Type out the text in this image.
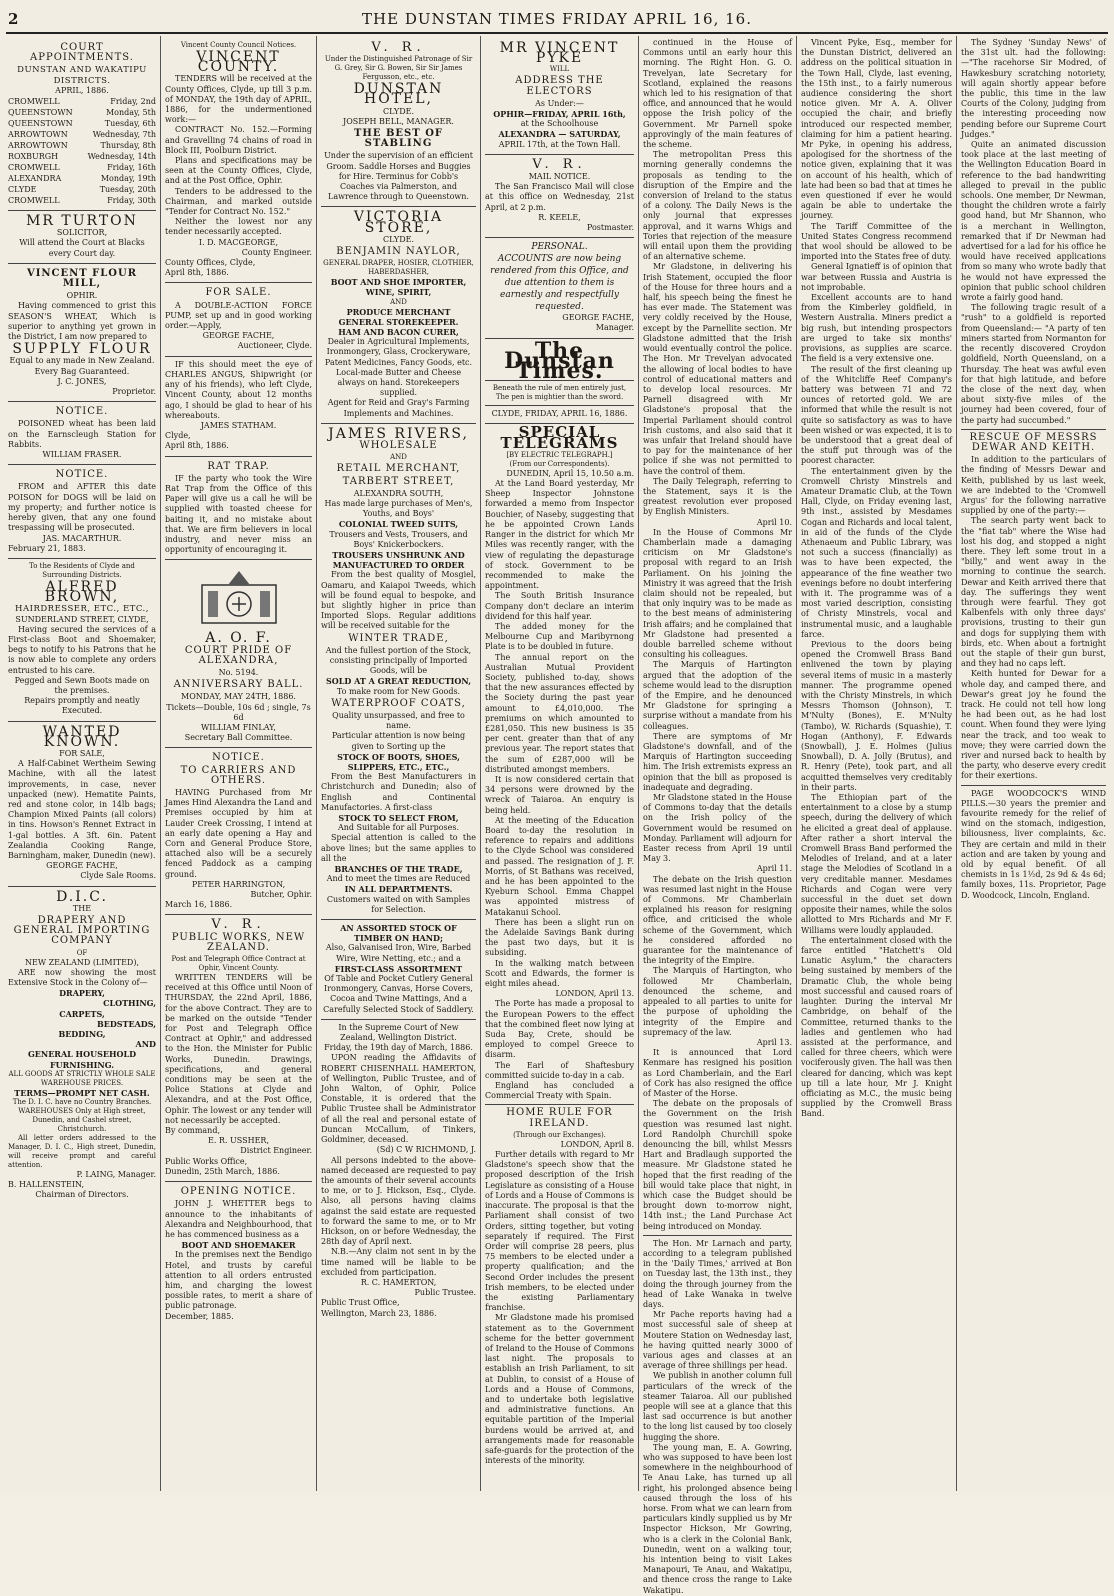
2	THE DUNSTAN TIMES FRIDAY APRIL 16, 16.
COURT APPOINTMENTS.
DUNSTAN AND WAKATIPU DISTRICTS.
APRIL, 1886.
CROMWELL	Friday, 2nd
QUEENSTOWN	Monday, 5th
QUEENSTOWN	Tuesday, 6th
ARROWTOWN	Wednesday, 7th
ARROWTOWN	Thursday, 8th
ROXBURGH	Wednesday, 14th
CROMWELL	Friday, 16th
ALEXANDRA	Monday, 19th
CLYDE	Tuesday, 20th
CROMWELL	Friday, 30th
MR TURTON
SOLICITOR,
Will attend the Court at Blacks every Court day.
VINCENT FLOUR MILL,
OPHIR.
Having commenced to grist this SEASON'S WHEAT, Which is superior to anything yet grown in the District, I am now prepared to
SUPPLY FLOUR
Equal to any made in New Zealand. Every Bag Guaranteed.
J. C. JONES,
Proprietor.
NOTICE.
POISONED wheat has been laid on the Earnscleugh Station for Rabbits.
WILLIAM FRASER.
NOTICE.
FROM and AFTER this date POISON for DOGS will be laid on my property; and further notice is hereby given, that any one found trespassing will be prosecuted.
JAS. MACARTHUR.
February 21, 1883.
To the Residents of Clyde and Surrounding Districts.
ALFRED BROWN,
HAIRDRESSER, ETC., ETC.,
SUNDERLAND STREET, CLYDE,
Having secured the services of a First-class Boot and Shoemaker, begs to notify to his Patrons that he is now able to complete any orders entrusted to his care.
Pegged and Sewn Boots made on the premises.
Repairs promptly and neatly Executed.
WANTED KNOWN.
FOR SALE,
A Half-Cabinet Wertheim Sewing Machine, with all the latest improvements, in case, never unpacked (new). Hematite Paints, red and stone color, in 14lb bags; Champion Mixed Paints (all colors) in tins. Howson's Rennet Extract in 1-gal bottles. A 3ft. 6in. Patent Zealandia Cooking Range, Barningham, maker, Dunedin (new).
GEORGE FACHE,
Clyde Sale Rooms.
D.I.C.
THE
DRAPERY AND GENERAL IMPORTING COMPANY
OF
NEW ZEALAND (LIMITED),
ARE now showing the most Extensive Stock in the Colony of—
DRAPERY,
CLOTHING,
CARPETS,
BEDSTEADS,
BEDDING,
AND
GENERAL HOUSEHOLD FURNISHING.
ALL GOODS AT STRICTLY WHOLE SALE WAREHOUSE PRICES.
TERMS—PROMPT NET CASH.
The D. I. C. have no Country Branches. WAREHOUSES Only at High street, Dunedin, and Cashel street, Christchurch.
All letter orders addressed to the Manager, D. I. C., High street, Dunedin, will receive prompt and careful attention.
P. LAING, Manager.
B. HALLENSTEIN,
Chairman of Directors.
Vincent County Council Notices.
VINCENT COUNTY.
TENDERS will be received at the County Offices, Clyde, up till 3 p.m. of MONDAY, the 19th day of APRIL, 1886, for the undermentioned work:—
CONTRACT No. 152.—Forming and Gravelling 74 chains of road in Block III, Poolburn District.
Plans and specifications may be seen at the County Offices, Clyde, and at the Post Office, Ophir.
Tenders to be addressed to the Chairman, and marked outside "Tender for Contract No. 152."
Neither the lowest nor any tender necessarily accepted.
I. D. MACGEORGE,
County Engineer.
County Offices, Clyde,
April 8th, 1886.
FOR SALE.
A DOUBLE-ACTION FORCE PUMP, set up and in good working order.—Apply,
GEORGE FACHE,
Auctioneer, Clyde.
IF this should meet the eye of CHARLES ANGUS, Shipwright (or any of his friends), who left Clyde, Vincent County, about 12 months ago, I should be glad to hear of his whereabouts.
JAMES STATHAM.
Clyde,
April 8th, 1886.
RAT TRAP.
IF the party who took the Wire Rat Trap from the Office of this Paper will give us a call he will be supplied with toasted cheese for baiting it, and no mistake about that. We are firm believers in local industry, and never miss an opportunity of encouraging it.
A. O. F.
COURT PRIDE OF ALEXANDRA,
No. 5194.
ANNIVERSARY BALL.
MONDAY, MAY 24TH, 1886.
Tickets—Double, 10s 6d ; single, 7s 6d
WILLIAM FINLAY,
Secretary Ball Committee.
NOTICE.
TO CARRIERS AND OTHERS.
HAVING Purchased from Mr James Hind Alexandra the Land and Premises occupied by him at Lauder Creek Crossing, I intend at an early date opening a Hay and Corn and General Produce Store, attached also will be a securely fenced Paddock as a camping ground.
PETER HARRINGTON,
Butcher, Ophir.
March 16, 1886.
V. R.
PUBLIC WORKS, NEW ZEALAND.
Post and Telegraph Office Contract at Ophir, Vincent County.
WRITTEN TENDERS will be received at this Office until Noon of THURSDAY, the 22nd April, 1886, for the above Contract. They are to be marked on the outside "Tender for Post and Telegraph Office Contract at Ophir," and addressed to the Hon. the Minister for Public Works, Dunedin. Drawings, specifications, and general conditions may be seen at the Police Stations at Clyde and Alexandra, and at the Post Office, Ophir. The lowest or any tender will not necessarily be accepted.
By command,
E. R. USSHER,
District Engineer.
Public Works Office,
Dunedin, 25th March, 1886.
OPENING NOTICE.
JOHN J. WHETTER begs to announce to the inhabitants of Alexandra and Neighbourhood, that he has commenced business as a
BOOT AND SHOEMAKER
In the premises next the Bendigo Hotel, and trusts by careful attention to all orders entrusted him, and charging the lowest possible rates, to merit a share of public patronage.
December, 1885.
V. R.
Under the Distinguished Patronage of Sir G. Grey, Sir G. Bowen, Sir Sir James Fergusson, etc., etc.
DUNSTAN HOTEL,
CLYDE.
JOSEPH BELL, MANAGER.
THE BEST OF STABLING
Under the supervision of an efficient Groom. Saddle Horses and Buggies for Hire. Terminus for Cobb's Coaches via Palmerston, and Lawrence through to Queenstown.
VICTORIA STORE,
CLYDE.
BENJAMIN NAYLOR,
GENERAL DRAPER, HOSIER, CLOTHIER, HABERDASHER,
BOOT AND SHOE IMPORTER,
WINE, SPIRIT,
AND
PRODUCE MERCHANT
GENERAL STOREKEEPER.
HAM AND BACON CURER,
Dealer in Agricultural Implements, Ironmongery, Glass, Crockeryware, Patent Medicines, Fancy Goods, etc.
Local-made Butter and Cheese always on hand. Storekeepers supplied.
Agent for Reid and Gray's Farming Implements and Machines.
JAMES RIVERS,
WHOLESALE
AND
RETAIL MERCHANT,
TARBERT STREET,
ALEXANDRA SOUTH,
Has made large purchases of Men's, Youths, and Boys'
COLONIAL TWEED SUITS,
Trousers and Vests, Trousers, and Boys' Knickerbockers.
TROUSERS UNSHRUNK AND MANUFACTURED TO ORDER
From the best quality of Mosgiel, Oamaru, and Kaiapoi Tweeds, which will be found equal to bespoke, and but slightly higher in price than Imported Slops. Regular additions will be received suitable for the
WINTER TRADE,
And the fullest portion of the Stock, consisting principally of Imported Goods, will be
SOLD AT A GREAT REDUCTION,
To make room for New Goods.
WATERPROOF COATS,
Quality unsurpassed, and free to name.
Particular attention is now being given to Sorting up the
STOCK OF BOOTS, SHOES, SLIPPERS, ETC., ETC.,
From the Best Manufacturers in Christchurch and Dunedin; also of English and Continental Manufactories. A first-class
STOCK TO SELECT FROM,
And Suitable for all Purposes.
Special attention is called to the above lines; but the same applies to all the
BRANCHES OF THE TRADE,
And to meet the times are Reduced
IN ALL DEPARTMENTS.
Customers waited on with Samples for Selection.
AN ASSORTED STOCK OF TIMBER ON HAND;
Also, Galvanised Iron, Wire, Barbed Wire, Wire Netting, etc.; and a
FIRST-CLASS ASSORTMENT
Of Table and Pocket Cutlery General Ironmongery, Canvas, Horse Covers, Cocoa and Twine Mattings, And a Carefully Selected Stock of Saddlery.
In the Supreme Court of New Zealand, Wellington District.
Friday, the 19th day of March, 1886.
UPON reading the Affidavits of ROBERT CHISENHALL HAMERTON, of Wellington, Public Trustee, and of John Walton, of Ophir, Police Constable, it is ordered that the Public Trustee shall be Administrator of all the real and personal estate of Duncan McCallum, of Tinkers, Goldminer, deceased.
(Sd) C W RICHMOND, J.
All persons indebted to the above-named deceased are requested to pay the amounts of their several accounts to me, or to J. Hickson, Esq., Clyde. Also, all persons having claims against the said estate are requested to forward the same to me, or to Mr Hickson, on or before Wednesday, the 28th day of April next.
N.B.—Any claim not sent in by the time named will be liable to be excluded from participation.
R. C. HAMERTON,
Public Trustee.
Public Trust Office,
Wellington, March 23, 1886.
MR VINCENT PYKE
WILL
ADDRESS THE ELECTORS
As Under:—
OPHIR—FRIDAY, APRIL 16th,
at the Schoolhouse
ALEXANDRA — SATURDAY,
APRIL 17th, at the Town Hall.
V. R.
MAIL NOTICE.
The San Francisco Mail will close at this office on Wednesday, 21st April, at 2 p.m.
R. KEELE,
Postmaster.
PERSONAL.
ACCOUNTS are now being rendered from this Office, and due attention to them is earnestly and respectfully requested.
GEORGE FACHE,
Manager.
The Dunstan Times.
Beneath the rule of men entirely just,
The pen is mightier than the sword.
CLYDE, FRIDAY, APRIL 16, 1886.
SPECIAL TELEGRAMS
[BY ELECTRIC TELEGRAPH.]
(From our Correspondents).
DUNEDIN, April 15, 10.50 a.m.
At the Land Board yesterday, Mr Sheep Inspector Johnstone forwarded a memo from Inspector Bouchier, of Naseby, suggesting that he be appointed Crown Lands Ranger in the district for which Mr Miles was recently ranger, with the view of regulating the depasturage of stock. Government to be recommended to make the appointment.
The South British Insurance Company don't declare an interim dividend for this half year.
The added money for the Melbourne Cup and Maribyrnong Plate is to be doubled in future.
The annual report on the Australian Mutual Provident Society, published to-day, shows that the new assurances effected by the Society during the past year amount to £4,010,000. The premiums on which amounted to £281,050. This new business is 35 per cent. greater than that of any previous year. The report states that the sum of £287,000 will be distributed amongst members.
It is now considered certain that 34 persons were drowned by the wreck of Taiaroa. An enquiry is being held.
At the meeting of the Education Board to-day the resolution in reference to repairs and additions to the Clyde School was considered and passed. The resignation of J. F. Morris, of St Bathans was received, and he has been appointed to the Kyeburn School. Emma Chappel was appointed mistress of Matakanui School.
There has been a slight run on the Adelaide Savings Bank during the past two days, but it is subsiding.
In the walking match between Scott and Edwards, the former is eight miles ahead.
LONDON, April 13.
The Porte has made a proposal to the European Powers to the effect that the combined fleet now lying at Suda Bay, Crete, should be employed to compel Greece to disarm.
The Earl of Shaftesbury committed suicide to-day in a cab.
England has concluded a Commercial Treaty with Spain.
HOME RULE FOR IRELAND.
(Through our Exchanges).
LONDON, April 8.
Further details with regard to Mr Gladstone's speech show that the proposed description of the Irish Legislature as consisting of a House of Lords and a House of Commons is inaccurate. The proposal is that the Parliament shall consist of two Orders, sitting together, but voting separately if required. The First Order will comprise 28 peers, plus 75 members to be elected under a property qualification; and the Second Order includes the present Irish members, to be elected under the existing Parliamentary franchise.
Mr Gladstone made his promised statement as to the Government scheme for the better government of Ireland to the House of Commons last night. The proposals to establish an Irish Parliament, to sit at Dublin, to consist of a House of Lords and a House of Commons, and to undertake both legislative and administrative functions. An equitable partition of the Imperial burdens would be arrived at, and arrangements made for reasonable safe-guards for the protection of the interests of the minority.
continued in the House of Commons until an early hour this morning. The Right Hon. G. O. Trevelyan, late Secretary for Scotland, explained the reasons which led to his resignation of that office, and announced that he would oppose the Irish policy of the Government. Mr Parnell spoke approvingly of the main features of the scheme.
The metropolitan Press this morning generally condemns the proposals as tending to the disruption of the Empire and the conversion of Ireland to the status of a colony. The Daily News is the only journal that expresses approval, and it warns Whigs and Tories that rejection of the measure will entail upon them the providing of an alternative scheme.
Mr Gladstone, in delivering his Irish Statement, occupied the floor of the House for three hours and a half, his speech being the finest he has ever made. The Statement was very coldly received by the House, except by the Parnellite section. Mr Gladstone admitted that the Irish would eventually control the police. The Hon. Mr Trevelyan advocated the allowing of local bodies to have control of educational matters and to develop local resources. Mr Parnell disagreed with Mr Gladstone's proposal that the Imperial Parliament should control Irish customs, and also said that it was unfair that Ireland should have to pay for the maintenance of her police if she was not permitted to have the control of them.
The Daily Telegraph, referring to the Statement, says it is the greatest revolution ever proposed by English Ministers.
April 10.
In the House of Commons Mr Chamberlain made a damaging criticism on Mr Gladstone's proposal with regard to an Irish Parliament. On his joining the Ministry it was agreed that the Irish claim should not be repealed, but that only inquiry was to be made as to the best means of administering Irish affairs; and he complained that Mr Gladstone had presented a double barrelled scheme without consulting his colleagues.
The Marquis of Hartington argued that the adoption of the scheme would lead to the disruption of the Empire, and he denounced Mr Gladstone for springing a surprise without a mandate from his colleagues.
There are symptoms of Mr Gladstone's downfall, and of the Marquis of Hartington succeeding him. The Irish extremists express an opinion that the bill as proposed is inadequate and degrading.
Mr Gladstone stated in the House of Commons to-day that the details on the Irish policy of the Government would be resumed on Monday. Parliament will adjourn for Easter recess from April 19 until May 3.
April 11.
The debate on the Irish question was resumed last night in the House of Commons. Mr Chamberlain explained his reason for resigning office, and criticised the whole scheme of the Government, which he considered afforded no guarantee for the maintenance of the integrity of the Empire.
The Marquis of Hartington, who followed Mr Chamberlain, denounced the scheme, and appealed to all parties to unite for the purpose of upholding the integrity of the Empire and supremacy of the law.
April 13.
It is announced that Lord Kenmare has resigned his position as Lord Chamberlain, and the Earl of Cork has also resigned the office of Master of the Horse.
The debate on the proposals of the Government on the Irish question was resumed last night. Lord Randolph Churchill spoke denouncing the bill, whilst Messrs Hart and Bradlaugh supported the measure. Mr Gladstone stated he hoped that the first reading of the bill would take place that night, in which case the Budget should be brought down to-morrow night, 14th inst.; the Land Purchase Act being introduced on Monday.
The Hon. Mr Larnach and party, according to a telegram published in the 'Daily Times,' arrived at Bon on Tuesday last, the 13th inst., they doing the through journey from the head of Lake Wanaka in twelve days.
Mr Pache reports having had a most successful sale of sheep at Moutere Station on Wednesday last, he having quitted nearly 3000 of various ages and classes at an average of three shillings per head.
We publish in another column full particulars of the wreck of the steamer Taiaroa. All our published people will see at a glance that this last sad occurrence is but another to the long list caused by too closely hugging the shore.
The young man, E. A. Gowring, who was supposed to have been lost somewhere in the neighbourhood of Te Anau Lake, has turned up all right, his prolonged absence being caused through the loss of his horse. From what we can learn from particulars kindly supplied us by Mr Inspector Hickson, Mr Gowring, who is a clerk in the Colonial Bank, Dunedin, went on a walking tour, his intention being to visit Lakes Manapouri, Te Anau, and Wakatipu, and thence cross the range to Lake Wakatipu.
Vincent Pyke, Esq., member for the Dunstan District, delivered an address on the political situation in the Town Hall, Clyde, last evening, the 15th inst., to a fairly numerous audience considering the short notice given. Mr A. A. Oliver occupied the chair, and briefly introduced our respected member, claiming for him a patient hearing. Mr Pyke, in opening his address, apologised for the shortness of the notice given, explaining that it was on account of his health, which of late had been so bad that at times he even questioned if ever he would again be able to undertake the journey.
The Tariff Committee of the United States Congress recommend that wool should be allowed to be imported into the States free of duty.
General Ignatieff is of opinion that war between Russia and Austria is not improbable.
Excellent accounts are to hand from the Kimberley goldfield, in Western Australia. Miners predict a big rush, but intending prospectors are urged to take six months' provisions, as supplies are scarce. The field is a very extensive one.
The result of the first cleaning up of the Whitcliffe Reef Company's battery was between 71 and 72 ounces of retorted gold. We are informed that while the result is not quite so satisfactory as was to have been wished or was expected, it is to be understood that a great deal of the stuff put through was of the poorest character.
The entertainment given by the Cromwell Christy Minstrels and Amateur Dramatic Club, at the Town Hall, Clyde, on Friday evening last, 9th inst., assisted by Mesdames Cogan and Richards and local talent, in aid of the funds of the Clyde Athenaeum and Public Library, was not such a success (financially) as was to have been expected, the appearance of the fine weather two evenings before no doubt interfering with it. The programme was of a most varied description, consisting of Christy Minstrels, vocal and instrumental music, and a laughable farce.
Previous to the doors being opened the Cromwell Brass Band enlivened the town by playing several items of music in a masterly manner. The programme opened with the Christy Minstrels, in which Messrs Thomson (Johnson), T. M'Nulty (Bones), E. M'Nulty (Tambo), W. Richards (Squashie), T. Hogan (Anthony), F. Edwards (Snowball), J. E. Holmes (Julius Snowball), D. A. Jolly (Brutus), and R. Henry (Pete), took part, and all acquitted themselves very creditably in their parts.
The Ethiopian part of the entertainment to a close by a stump speech, during the delivery of which he elicited a great deal of applause. After rather a short interval the Cromwell Brass Band performed the Melodies of Ireland, and at a later stage the Melodies of Scotland in a very creditable manner. Mesdames Richards and Cogan were very successful in the duet set down opposite their names, while the solos allotted to Mrs Richards and Mr F. Williams were loudly applauded.
The entertainment closed with the farce entitled "Hatchett's Old Lunatic Asylum," the characters being sustained by members of the Dramatic Club, the whole being most successful and caused roars of laughter. During the interval Mr Cambridge, on behalf of the Committee, returned thanks to the ladies and gentlemen who had assisted at the performance, and called for three cheers, which were vociferously given. The hall was then cleared for dancing, which was kept up till a late hour, Mr J. Knight officiating as M.C., the music being supplied by the Cromwell Brass Band.
The Sydney 'Sunday News' of the 31st ult. had the following:—"The racehorse Sir Modred, of Hawkesbury scratching notoriety, will again shortly appear before the public, this time in the law Courts of the Colony, judging from the interesting proceeding now pending before our Supreme Court Judges."
Quite an animated discussion took place at the last meeting of the Wellington Education Board in reference to the bad handwriting alleged to prevail in the public schools. One member, Dr Newman, thought the children wrote a fairly good hand, but Mr Shannon, who is a merchant in Wellington, remarked that if Dr Newman had advertised for a lad for his office he would have received applications from so many who wrote badly that he would not have expressed the opinion that public school children wrote a fairly good hand.
The following tragic result of a "rush" to a goldfield is reported from Queensland:— "A party of ten miners started from Normanton for the recently discovered Croydon goldfield, North Queensland, on a Thursday. The heat was awful even for that high latitude, and before the close of the next day, when about sixty-five miles of the journey had been covered, four of the party had succumbed."
RESCUE OF MESSRS DEWAR AND KEITH.
In addition to the particulars of the finding of Messrs Dewar and Keith, published by us last week, we are indebted to the 'Cromwell Argus' for the following narrative supplied by one of the party:—
The search party went back to the "fiat tab" where the Wise had lost his dog, and stopped a night there. They left some trout in a "billy," and went away in the morning to continue the search. Dewar and Keith arrived there that day. The sufferings they went through were fearful. They got Kalbenfels with only three days' provisions, trusting to their gun and dogs for supplying them with birds, etc. When about a fortnight out the staple of their gun burst, and they had no caps left.
Keith hunted for Dewar for a whole day, and camped there, and Dewar's great joy he found the track. He could not tell how long he had been out, as he had lost count. When found they were lying near the track, and too weak to move; they were carried down the river and nursed back to health by the party, who deserve every credit for their exertions.
PAGE WOODCOCK'S WIND PILLS.—30 years the premier and favourite remedy for the relief of wind on the stomach, indigestion, biliousness, liver complaints, &c. They are certain and mild in their action and are taken by young and old by equal benefit. Of all chemists in 1s 1½d, 2s 9d & 4s 6d; family boxes, 11s. Proprietor, Page D. Woodcock, Lincoln, England.
